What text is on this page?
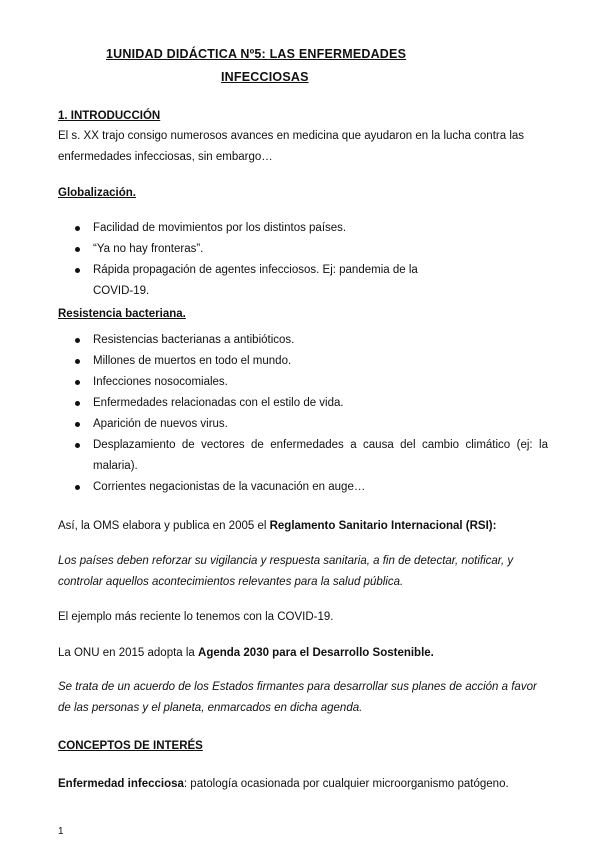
1UNIDAD DIDÁCTICA Nº5: LAS ENFERMEDADES
INFECCIOSAS
1. INTRODUCCIÓN
El s. XX trajo consigo numerosos avances en medicina que ayudaron en la lucha contra las enfermedades infecciosas, sin embargo…
Globalización.
Facilidad de movimientos por los distintos países.
“Ya no hay fronteras”.
Rápida propagación de agentes infecciosos. Ej: pandemia de la COVID-19.
Resistencia bacteriana.
Resistencias bacterianas a antibióticos.
Millones de muertos en todo el mundo.
Infecciones nosocomiales.
Enfermedades relacionadas con el estilo de vida.
Aparición de nuevos virus.
Desplazamiento de vectores de enfermedades a causa del cambio climático (ej: la malaria).
Corrientes negacionistas de la vacunación en auge…
Así, la OMS elabora y publica en 2005 el Reglamento Sanitario Internacional (RSI):
Los países deben reforzar su vigilancia y respuesta sanitaria, a fin de detectar, notificar, y controlar aquellos acontecimientos relevantes para la salud pública.
El ejemplo más reciente lo tenemos con la COVID-19.
La ONU en 2015 adopta la Agenda 2030 para el Desarrollo Sostenible.
Se trata de un acuerdo de los Estados firmantes para desarrollar sus planes de acción a favor de las personas y el planeta, enmarcados en dicha agenda.
CONCEPTOS DE INTERÉS
Enfermedad infecciosa: patología ocasionada por cualquier microorganismo patógeno.
1
